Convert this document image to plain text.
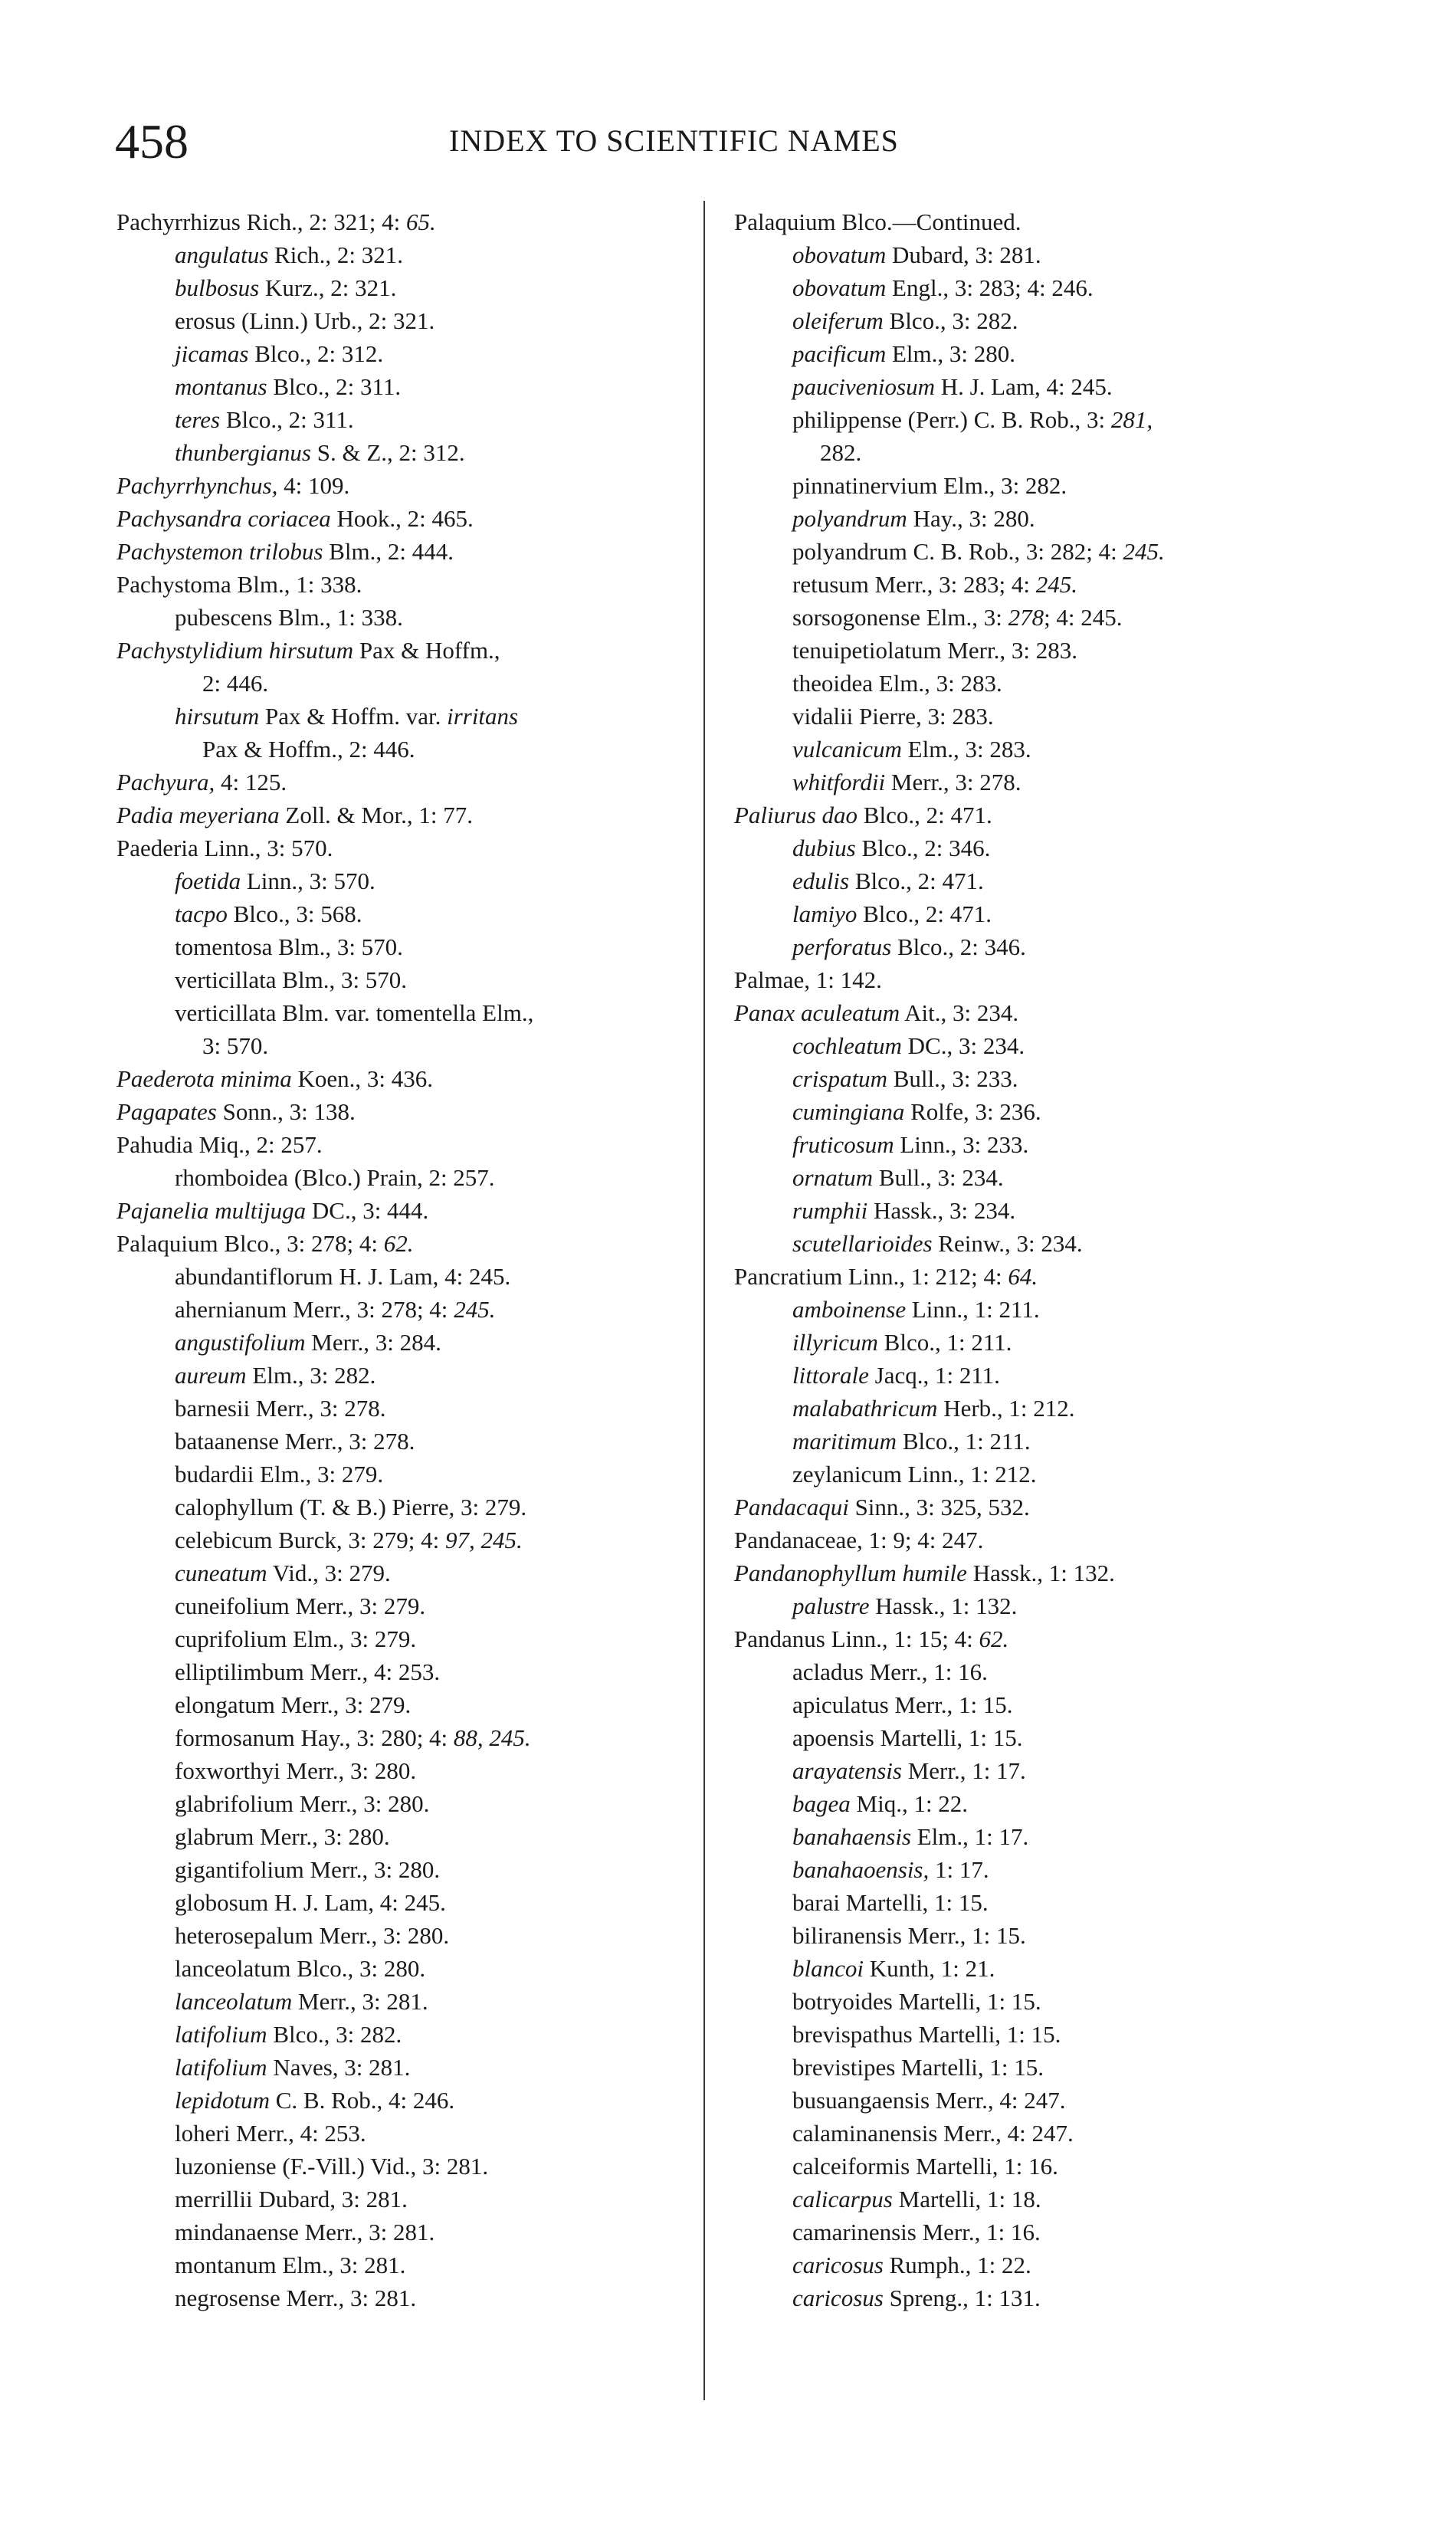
458	INDEX TO SCIENTIFIC NAMES
Pachyrrhizus Rich., 2: 321; 4: 65.
angulatus Rich., 2: 321.
bulbosus Kurz., 2: 321.
erosus (Linn.) Urb., 2: 321.
jicamas Blco., 2: 312.
montanus Blco., 2: 311.
teres Blco., 2: 311.
thunbergianus S. & Z., 2: 312.
Pachyrrhynchus, 4: 109.
Pachysandra coriacea Hook., 2: 465.
Pachystemon trilobus Blm., 2: 444.
Pachystoma Blm., 1: 338.
pubescens Blm., 1: 338.
Pachystylidium hirsutum Pax & Hoffm.,
2: 446.
hirsutum Pax & Hoffm. var. irritans
Pax & Hoffm., 2: 446.
Pachyura, 4: 125.
Padia meyeriana Zoll. & Mor., 1: 77.
Paederia Linn., 3: 570.
foetida Linn., 3: 570.
tacpo Blco., 3: 568.
tomentosa Blm., 3: 570.
verticillata Blm., 3: 570.
verticillata Blm. var. tomentella Elm.,
3: 570.
Paederota minima Koen., 3: 436.
Pagapates Sonn., 3: 138.
Pahudia Miq., 2: 257.
rhomboidea (Blco.) Prain, 2: 257.
Pajanelia multijuga DC., 3: 444.
Palaquium Blco., 3: 278; 4: 62.
abundantiflorum H. J. Lam, 4: 245.
ahernianum Merr., 3: 278; 4: 245.
angustifolium Merr., 3: 284.
aureum Elm., 3: 282.
barnesii Merr., 3: 278.
bataanense Merr., 3: 278.
budardii Elm., 3: 279.
calophyllum (T. & B.) Pierre, 3: 279.
celebicum Burck, 3: 279; 4: 97, 245.
cuneatum Vid., 3: 279.
cuneifolium Merr., 3: 279.
cuprifolium Elm., 3: 279.
elliptilimbum Merr., 4: 253.
elongatum Merr., 3: 279.
formosanum Hay., 3: 280; 4: 88, 245.
foxworthyi Merr., 3: 280.
glabrifolium Merr., 3: 280.
glabrum Merr., 3: 280.
gigantifolium Merr., 3: 280.
globosum H. J. Lam, 4: 245.
heterosepalum Merr., 3: 280.
lanceolatum Blco., 3: 280.
lanceolatum Merr., 3: 281.
latifolium Blco., 3: 282.
latifolium Naves, 3: 281.
lepidotum C. B. Rob., 4: 246.
loheri Merr., 4: 253.
luzoniense (F.-Vill.) Vid., 3: 281.
merrillii Dubard, 3: 281.
mindanaense Merr., 3: 281.
montanum Elm., 3: 281.
negrosense Merr., 3: 281.
Palaquium Blco.—Continued.
obovatum Dubard, 3: 281.
obovatum Engl., 3: 283; 4: 246.
oleiferum Blco., 3: 282.
pacificum Elm., 3: 280.
pauciveniosum H. J. Lam, 4: 245.
philippense (Perr.) C. B. Rob., 3: 281,
282.
pinnatinervium Elm., 3: 282.
polyandrum Hay., 3: 280.
polyandrum C. B. Rob., 3: 282; 4: 245.
retusum Merr., 3: 283; 4: 245.
sorsogonense Elm., 3: 278; 4: 245.
tenuipetiolatum Merr., 3: 283.
theoidea Elm., 3: 283.
vidalii Pierre, 3: 283.
vulcanicum Elm., 3: 283.
whitfordii Merr., 3: 278.
Paliurus dao Blco., 2: 471.
dubius Blco., 2: 346.
edulis Blco., 2: 471.
lamiyo Blco., 2: 471.
perforatus Blco., 2: 346.
Palmae, 1: 142.
Panax aculeatum Ait., 3: 234.
cochleatum DC., 3: 234.
crispatum Bull., 3: 233.
cumingiana Rolfe, 3: 236.
fruticosum Linn., 3: 233.
ornatum Bull., 3: 234.
rumphii Hassk., 3: 234.
scutellarioides Reinw., 3: 234.
Pancratium Linn., 1: 212; 4: 64.
amboinense Linn., 1: 211.
illyricum Blco., 1: 211.
littorale Jacq., 1: 211.
malabathricum Herb., 1: 212.
maritimum Blco., 1: 211.
zeylanicum Linn., 1: 212.
Pandacaqui Sinn., 3: 325, 532.
Pandanaceae, 1: 9; 4: 247.
Pandanophyllum humile Hassk., 1: 132.
palustre Hassk., 1: 132.
Pandanus Linn., 1: 15; 4: 62.
acladus Merr., 1: 16.
apiculatus Merr., 1: 15.
apoensis Martelli, 1: 15.
arayatensis Merr., 1: 17.
bagea Miq., 1: 22.
banahaensis Elm., 1: 17.
banahaoensis, 1: 17.
barai Martelli, 1: 15.
biliranensis Merr., 1: 15.
blancoi Kunth, 1: 21.
botryoides Martelli, 1: 15.
brevispathus Martelli, 1: 15.
brevistipes Martelli, 1: 15.
busuangaensis Merr., 4: 247.
calaminanensis Merr., 4: 247.
calceiformis Martelli, 1: 16.
calicarpus Martelli, 1: 18.
camarinensis Merr., 1: 16.
caricosus Rumph., 1: 22.
caricosus Spreng., 1: 131.
